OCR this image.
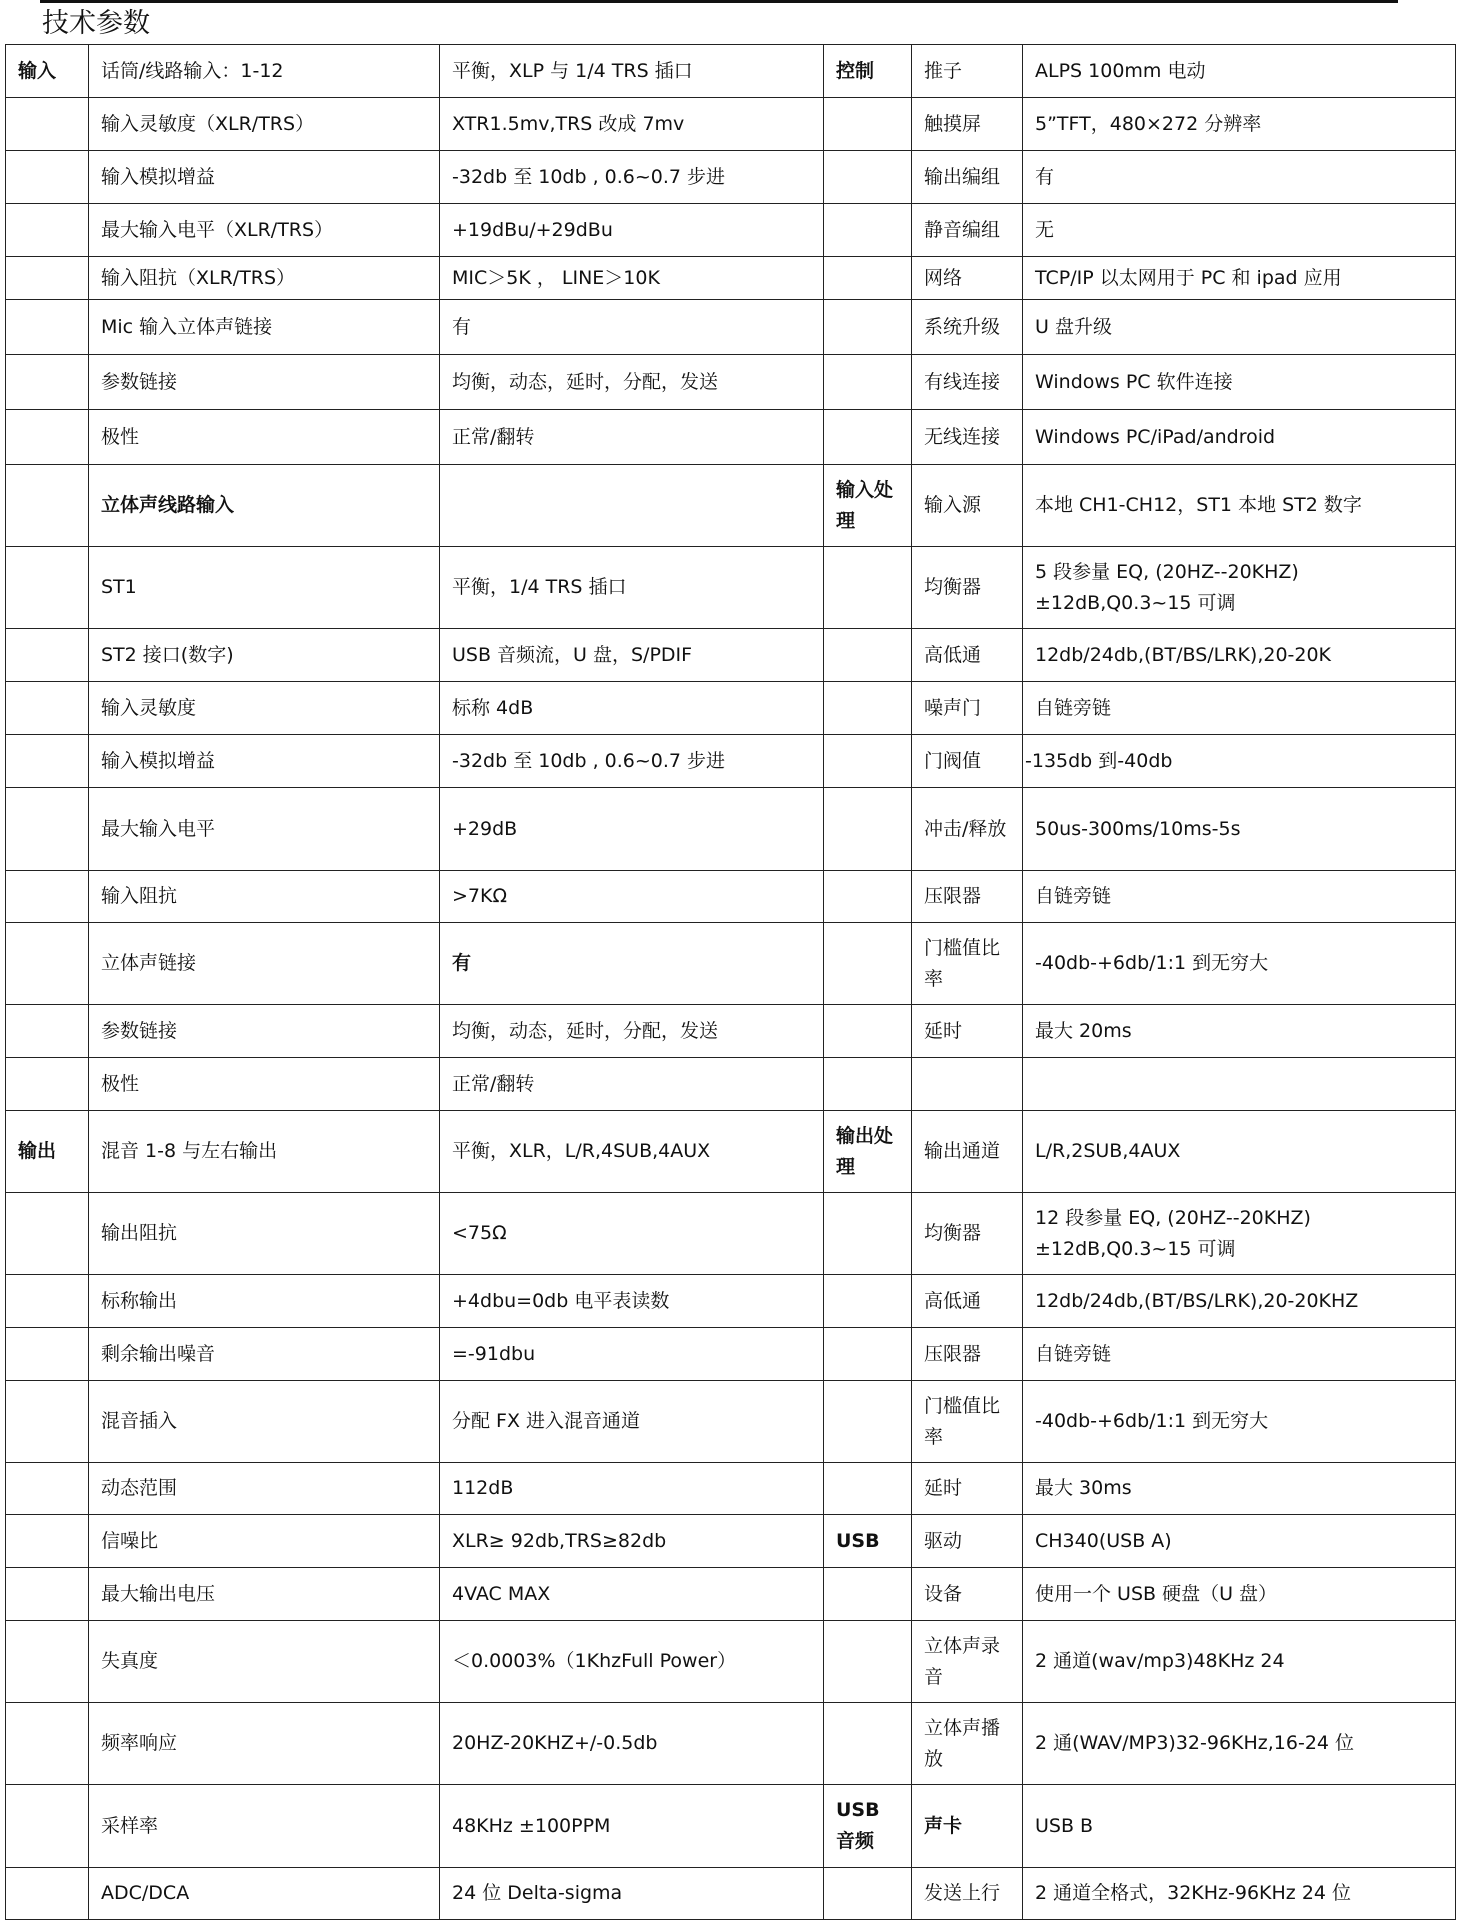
技术参数
输入	话筒/线路输入：1-12	平衡，XLP 与 1/4 TRS 插口	控制	推子	ALPS 100mm 电动
	输入灵敏度（XLR/TRS）	XTR1.5mv,TRS 改成 7mv		触摸屏	5”TFT，480×272 分辨率
	输入模拟增益	-32db 至 10db , 0.6~0.7 步进		输出编组	有
	最大输入电平（XLR/TRS）	+19dBu/+29dBu		静音编组	无
	输入阻抗（XLR/TRS）	MIC＞5K ， LINE＞10K		网络	TCP/IP 以太网用于 PC 和 ipad 应用
	Mic 输入立体声链接	有		系统升级	U 盘升级
	参数链接	均衡，动态，延时，分配，发送		有线连接	Windows PC 软件连接
	极性	正常/翻转		无线连接	Windows PC/iPad/android
	立体声线路输入		输入处理	输入源	本地 CH1-CH12，ST1 本地 ST2 数字
	ST1	平衡，1/4 TRS 插口		均衡器	5 段参量 EQ, (20HZ--20KHZ)±12dB,Q0.3~15 可调
	ST2 接口(数字)	USB 音频流，U 盘，S/PDIF		高低通	12db/24db,(BT/BS/LRK),20-20K
	输入灵敏度	标称 4dB		噪声门	自链旁链
	输入模拟增益	-32db 至 10db , 0.6~0.7 步进		门阀值	-135db 到-40db
	最大输入电平	+29dB		冲击/释放	50us-300ms/10ms-5s
	输入阻抗	>7KΩ		压限器	自链旁链
	立体声链接	有		门槛值比率	-40db-+6db/1:1 到无穷大
	参数链接	均衡，动态，延时，分配，发送		延时	最大 20ms
	极性	正常/翻转			
输出	混音 1-8 与左右输出	平衡，XLR，L/R,4SUB,4AUX	输出处理	输出通道	L/R,2SUB,4AUX
	输出阻抗	<75Ω		均衡器	12 段参量 EQ, (20HZ--20KHZ)±12dB,Q0.3~15 可调
	标称输出	+4dbu=0db 电平表读数		高低通	12db/24db,(BT/BS/LRK),20-20KHZ
	剩余输出噪音	=-91dbu		压限器	自链旁链
	混音插入	分配 FX 进入混音通道		门槛值比率	-40db-+6db/1:1 到无穷大
	动态范围	112dB		延时	最大 30ms
	信噪比	XLR≥ 92db,TRS≥82db	USB	驱动	CH340(USB A)
	最大输出电压	4VAC MAX		设备	使用一个 USB 硬盘（U 盘）
	失真度	＜0.0003%（1KhzFull Power）		立体声录音	2 通道(wav/mp3)48KHz 24
	频率响应	20HZ-20KHZ+/-0.5db		立体声播放	2 通(WAV/MP3)32-96KHz,16-24 位
	采样率	48KHz ±100PPM	USB 音频	声卡	USB B
	ADC/DCA	24 位 Delta-sigma		发送上行	2 通道全格式，32KHz-96KHz 24 位
